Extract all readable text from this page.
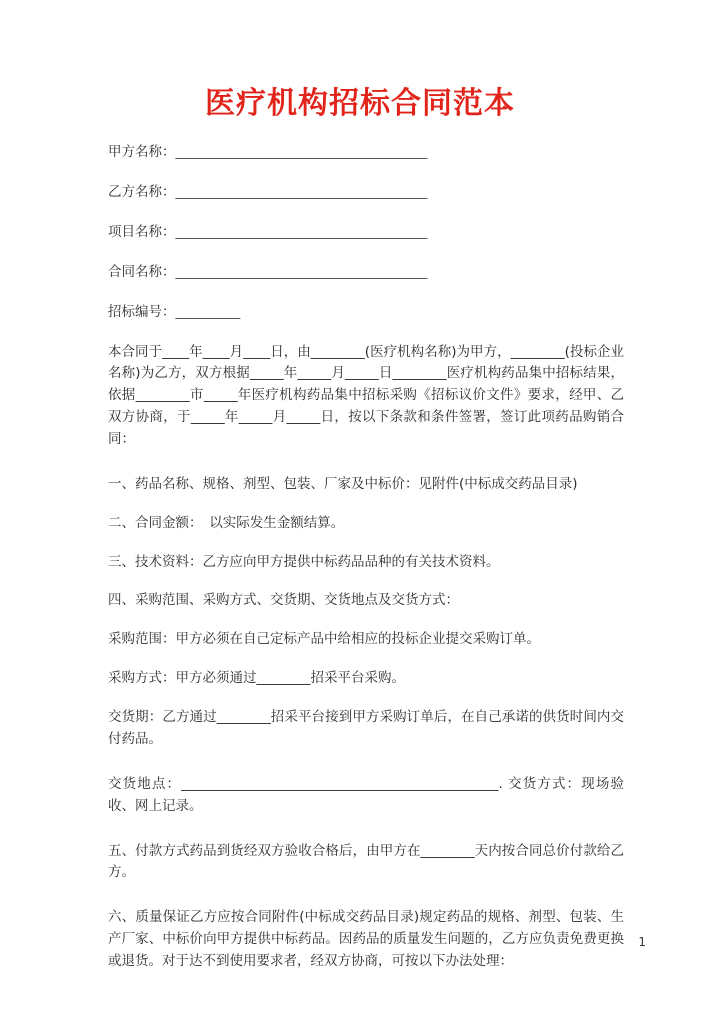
医疗机构招标合同范本
甲方名称：_______________________________________
乙方名称：_______________________________________
项目名称：_______________________________________
合同名称：_______________________________________
招标编号：__________
本合同于____年____月____日，由________(医疗机构名称)为甲方，________(投标企业名称)为乙方，双方根据_____年_____月_____日________医疗机构药品集中招标结果，依据________市_____年医疗机构药品集中招标采购《招标议价文件》要求，经甲、乙双方协商，于_____年_____月_____日，按以下条款和条件签署，签订此项药品购销合同：
一、药品名称、规格、剂型、包装、厂家及中标价：见附件(中标成交药品目录)
二、合同金额：　以实际发生金额结算。
三、技术资料：乙方应向甲方提供中标药品品种的有关技术资料。
四、采购范围、采购方式、交货期、交货地点及交货方式：
采购范围：甲方必须在自己定标产品中给相应的投标企业提交采购订单。
采购方式：甲方必须通过________招采平台采购。
交货期：乙方通过________招采平台接到甲方采购订单后，在自己承诺的供货时间内交付药品。
交货地点：_______________________________________________. 交货方式：现场验收、网上记录。
五、付款方式药品到货经双方验收合格后，由甲方在________天内按合同总价付款给乙方。
六、质量保证乙方应按合同附件(中标成交药品目录)规定药品的规格、剂型、包装、生产厂家、中标价向甲方提供中标药品。因药品的质量发生问题的，乙方应负责免费更换或退货。对于达不到使用要求者，经双方协商，可按以下办法处理：
1
